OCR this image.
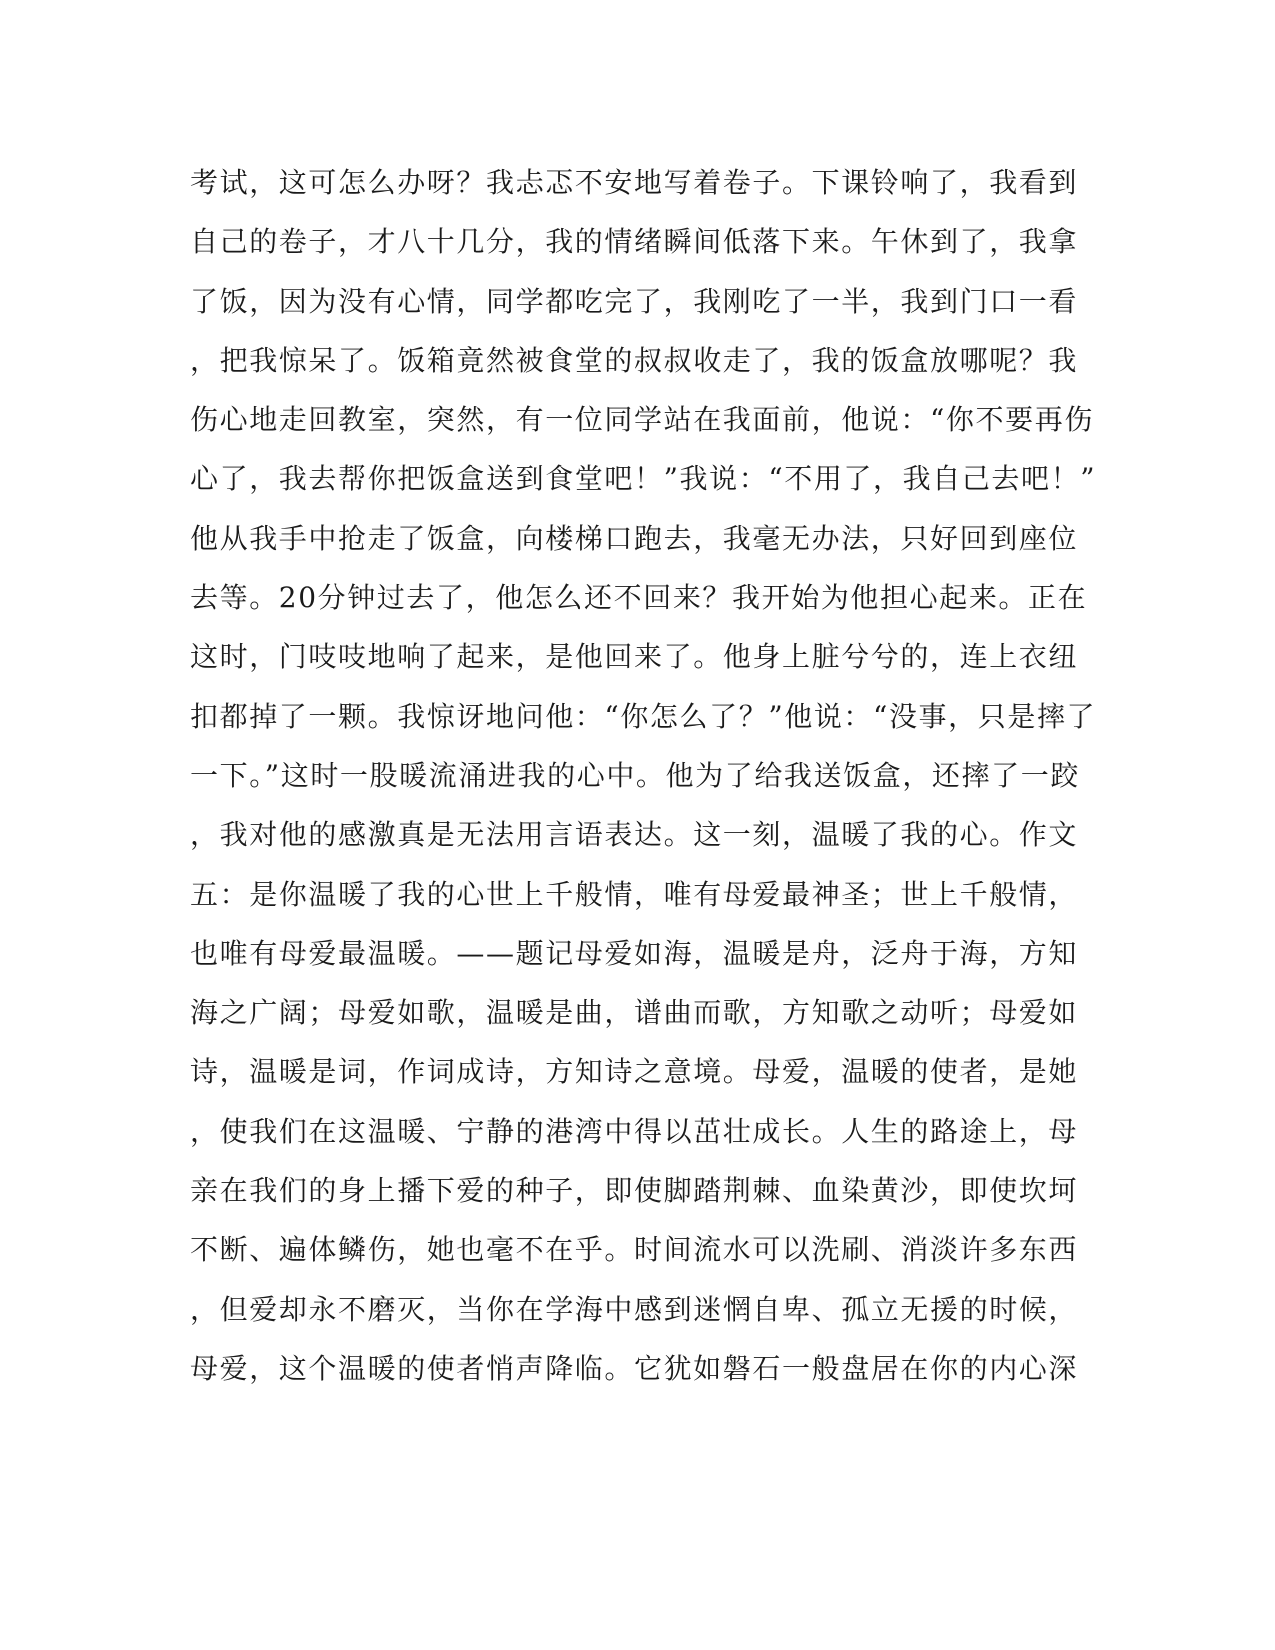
考试，这可怎么办呀？我忐忑不安地写着卷子。下课铃响了，我看到
自己的卷子，才八十几分，我的情绪瞬间低落下来。午休到了，我拿
了饭，因为没有心情，同学都吃完了，我刚吃了一半，我到门口一看
，把我惊呆了。饭箱竟然被食堂的叔叔收走了，我的饭盒放哪呢？我
伤心地走回教室，突然，有一位同学站在我面前，他说：“你不要再伤
心了，我去帮你把饭盒送到食堂吧！”我说：“不用了，我自己去吧！”
他从我手中抢走了饭盒，向楼梯口跑去，我毫无办法，只好回到座位
去等。20分钟过去了，他怎么还不回来？我开始为他担心起来。正在
这时，门吱吱地响了起来，是他回来了。他身上脏兮兮的，连上衣纽
扣都掉了一颗。我惊讶地问他：“你怎么了？”他说：“没事，只是摔了
一下。”这时一股暖流涌进我的心中。他为了给我送饭盒，还摔了一跤
，我对他的感激真是无法用言语表达。这一刻，温暖了我的心。作文
五：是你温暖了我的心世上千般情，唯有母爱最神圣；世上千般情，
也唯有母爱最温暖。——题记母爱如海，温暖是舟，泛舟于海，方知
海之广阔；母爱如歌，温暖是曲，谱曲而歌，方知歌之动听；母爱如
诗，温暖是词，作词成诗，方知诗之意境。母爱，温暖的使者，是她
，使我们在这温暖、宁静的港湾中得以茁壮成长。人生的路途上，母
亲在我们的身上播下爱的种子，即使脚踏荆棘、血染黄沙，即使坎坷
不断、遍体鳞伤，她也毫不在乎。时间流水可以洗刷、消淡许多东西
，但爱却永不磨灭，当你在学海中感到迷惘自卑、孤立无援的时候，
母爱，这个温暖的使者悄声降临。它犹如磐石一般盘居在你的内心深
